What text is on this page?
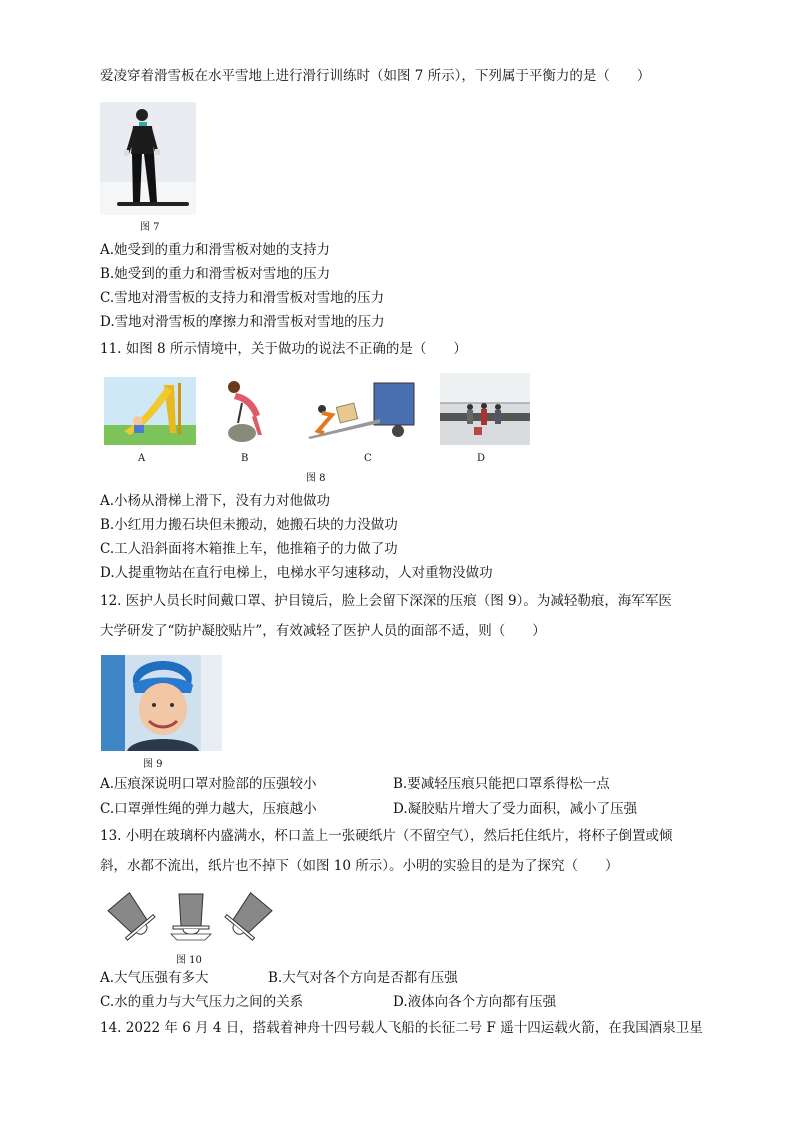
爱凌穿着滑雪板在水平雪地上进行滑行训练时（如图 7 所示），下列属于平衡力的是（　　）
图 7
A.她受到的重力和滑雪板对她的支持力
B.她受到的重力和滑雪板对雪地的压力
C.雪地对滑雪板的支持力和滑雪板对雪地的压力
D.雪地对滑雪板的摩擦力和滑雪板对雪地的压力
11. 如图 8 所示情境中，关于做功的说法不正确的是（　　）
A	B	C	D
图 8
A.小杨从滑梯上滑下，没有力对他做功
B.小红用力搬石块但未搬动，她搬石块的力没做功
C.工人沿斜面将木箱推上车，他推箱子的力做了功
D.人提重物站在直行电梯上，电梯水平匀速移动，人对重物没做功
12. 医护人员长时间戴口罩、护目镜后，脸上会留下深深的压痕（图 9）。为减轻勒痕，海军军医
大学研发了“防护凝胶贴片”，有效减轻了医护人员的面部不适，则（　　）
图 9
A.压痕深说明口罩对脸部的压强较小	B.要减轻压痕只能把口罩系得松一点
C.口罩弹性绳的弹力越大，压痕越小	D.凝胶贴片增大了受力面积，减小了压强
13. 小明在玻璃杯内盛满水，杯口盖上一张硬纸片（不留空气），然后托住纸片，将杯子倒置或倾
斜，水都不流出，纸片也不掉下（如图 10 所示）。小明的实验目的是为了探究（　　）
图 10
A.大气压强有多大	B.大气对各个方向是否都有压强
C.水的重力与大气压力之间的关系	D.液体向各个方向都有压强
14. 2022 年 6 月 4 日，搭载着神舟十四号载人飞船的长征二号 F 遥十四运载火箭，在我国酒泉卫星
